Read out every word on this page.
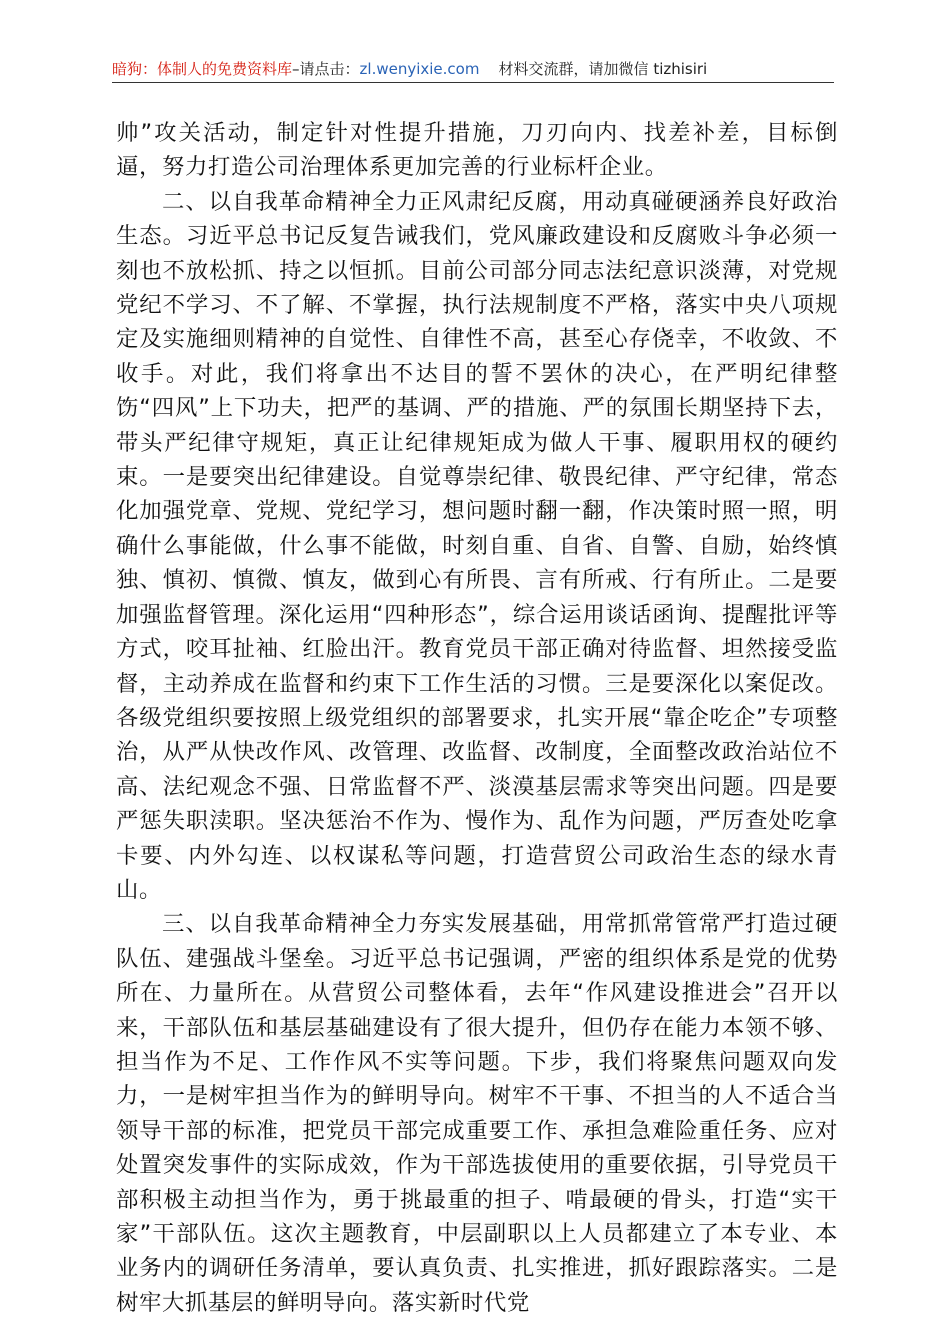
暗狗：体制人的免费资料库–请点击：zl.wenyixie.com 材料交流群，请加微信 tizhisiri

帅”攻关活动，制定针对性提升措施，刀刃向内、找差补差，目标倒逼，努力打造公司治理体系更加完善的行业标杆企业。

二、以自我革命精神全力正风肃纪反腐，用动真碰硬涵养良好政治生态。习近平总书记反复告诫我们，党风廉政建设和反腐败斗争必须一刻也不放松抓、持之以恒抓。目前公司部分同志法纪意识淡薄，对党规党纪不学习、不了解、不掌握，执行法规制度不严格，落实中央八项规定及实施细则精神的自觉性、自律性不高，甚至心存侥幸，不收敛、不收手。对此，我们将拿出不达目的誓不罢休的决心，在严明纪律整饬“四风”上下功夫，把严的基调、严的措施、严的氛围长期坚持下去，带头严纪律守规矩，真正让纪律规矩成为做人干事、履职用权的硬约束。一是要突出纪律建设。自觉尊崇纪律、敬畏纪律、严守纪律，常态化加强党章、党规、党纪学习，想问题时翻一翻，作决策时照一照，明确什么事能做，什么事不能做，时刻自重、自省、自警、自励，始终慎独、慎初、慎微、慎友，做到心有所畏、言有所戒、行有所止。二是要加强监督管理。深化运用“四种形态”，综合运用谈话函询、提醒批评等方式，咬耳扯袖、红脸出汗。教育党员干部正确对待监督、坦然接受监督，主动养成在监督和约束下工作生活的习惯。三是要深化以案促改。各级党组织要按照上级党组织的部署要求，扎实开展“靠企吃企”专项整治，从严从快改作风、改管理、改监督、改制度，全面整改政治站位不高、法纪观念不强、日常监督不严、淡漠基层需求等突出问题。四是要严惩失职渎职。坚决惩治不作为、慢作为、乱作为问题，严厉查处吃拿卡要、内外勾连、以权谋私等问题，打造营贸公司政治生态的绿水青山。

三、以自我革命精神全力夯实发展基础，用常抓常管常严打造过硬队伍、建强战斗堡垒。习近平总书记强调，严密的组织体系是党的优势所在、力量所在。从营贸公司整体看，去年“作风建设推进会”召开以来，干部队伍和基层基础建设有了很大提升，但仍存在能力本领不够、担当作为不足、工作作风不实等问题。下步，我们将聚焦问题双向发力，一是树牢担当作为的鲜明导向。树牢不干事、不担当的人不适合当领导干部的标准，把党员干部完成重要工作、承担急难险重任务、应对处置突发事件的实际成效，作为干部选拔使用的重要依据，引导党员干部积极主动担当作为，勇于挑最重的担子、啃最硬的骨头，打造“实干家”干部队伍。这次主题教育，中层副职以上人员都建立了本专业、本业务内的调研任务清单，要认真负责、扎实推进，抓好跟踪落实。二是树牢大抓基层的鲜明导向。落实新时代党
